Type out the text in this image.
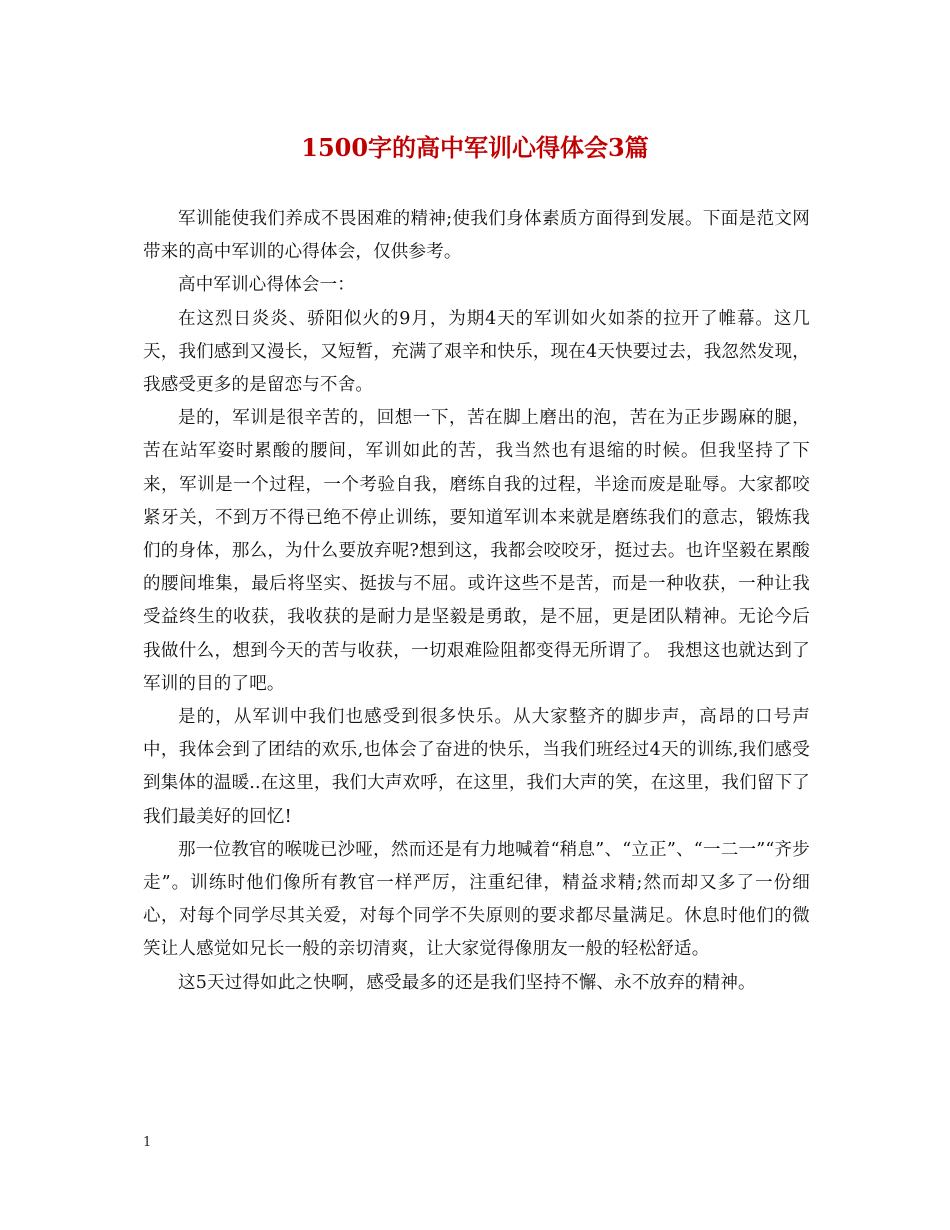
1500字的高中军训心得体会3篇

军训能使我们养成不畏困难的精神;使我们身体素质方面得到发展。下面是范文网带来的高中军训的心得体会，仅供参考。

高中军训心得体会一：

在这烈日炎炎、骄阳似火的9月，为期4天的军训如火如荼的拉开了帷幕。这几天，我们感到又漫长，又短暂，充满了艰辛和快乐，现在4天快要过去，我忽然发现，我感受更多的是留恋与不舍。

是的，军训是很辛苦的，回想一下，苦在脚上磨出的泡，苦在为正步踢麻的腿，苦在站军姿时累酸的腰间，军训如此的苦，我当然也有退缩的时候。但我坚持了下来，军训是一个过程，一个考验自我，磨练自我的过程，半途而废是耻辱。大家都咬紧牙关，不到万不得已绝不停止训练，要知道军训本来就是磨练我们的意志，锻炼我们的身体，那么，为什么要放弃呢?想到这，我都会咬咬牙，挺过去。也许坚毅在累酸的腰间堆集，最后将坚实、挺拔与不屈。或许这些不是苦，而是一种收获，一种让我受益终生的收获，我收获的是耐力是坚毅是勇敢，是不屈，更是团队精神。无论今后我做什么，想到今天的苦与收获，一切艰难险阻都变得无所谓了。 我想这也就达到了军训的目的了吧。

是的，从军训中我们也感受到很多快乐。从大家整齐的脚步声，高昂的口号声中，我体会到了团结的欢乐,也体会了奋进的快乐，当我们班经过4天的训练,我们感受到集体的温暖..在这里，我们大声欢呼，在这里，我们大声的笑，在这里，我们留下了我们最美好的回忆!

那一位教官的喉咙已沙哑，然而还是有力地喊着“稍息”、“立正”、“一二一”“齐步走”。训练时他们像所有教官一样严厉，注重纪律，精益求精;然而却又多了一份细心，对每个同学尽其关爱，对每个同学不失原则的要求都尽量满足。休息时他们的微笑让人感觉如兄长一般的亲切清爽，让大家觉得像朋友一般的轻松舒适。

这5天过得如此之快啊，感受最多的还是我们坚持不懈、永不放弃的精神。

1
